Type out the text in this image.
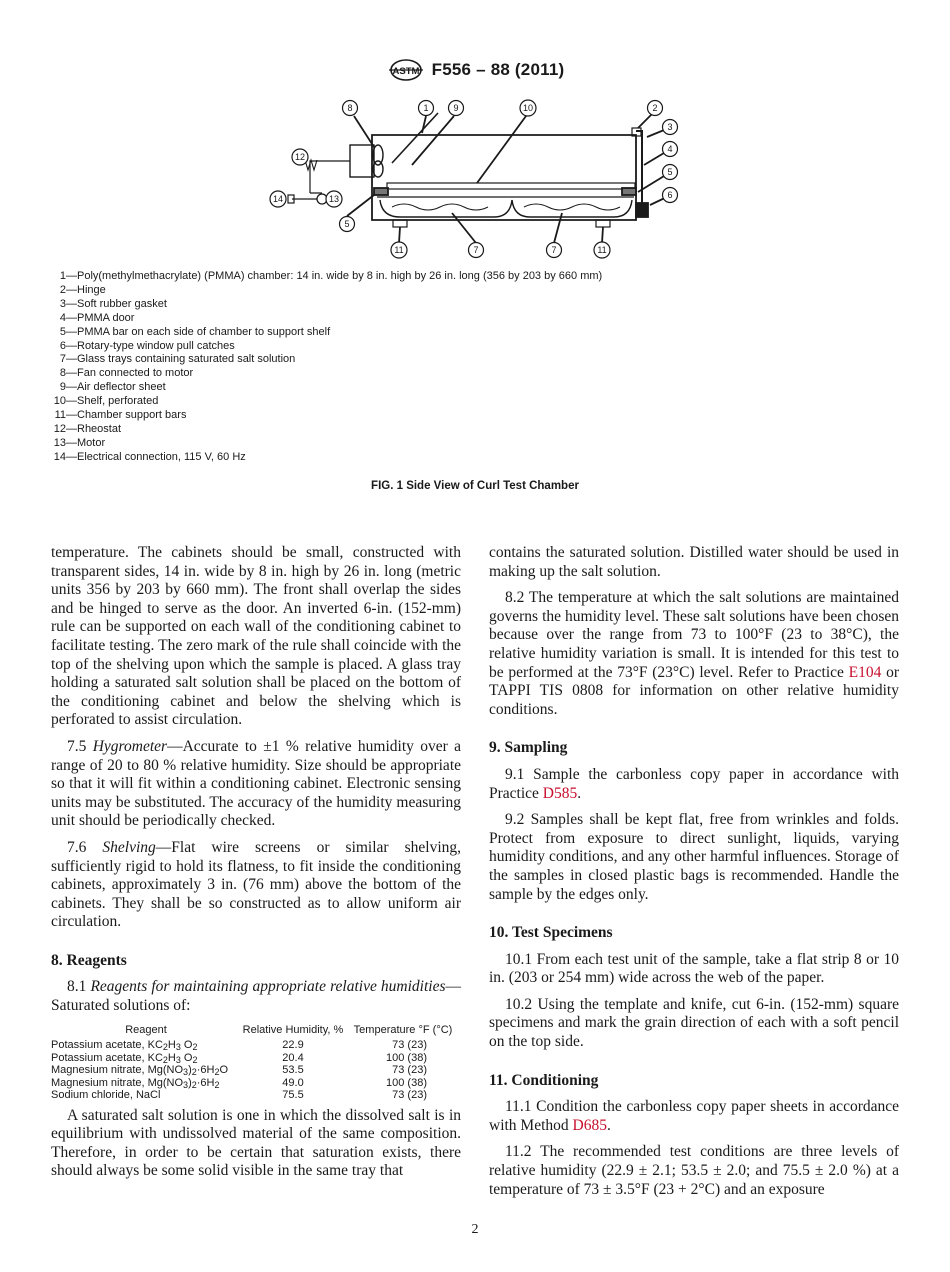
ASTM F556 – 88 (2011)
8	1	9	10	2
3
4
5
6
12
14	13
5
11	7	7	11
1 —Poly(methylmethacrylate) (PMMA) chamber: 14 in. wide by 8 in. high by 26 in. long (356 by 203 by 660 mm)
2 —Hinge
3 —Soft rubber gasket
4 —PMMA door
5 —PMMA bar on each side of chamber to support shelf
6 —Rotary-type window pull catches
7 —Glass trays containing saturated salt solution
8 —Fan connected to motor
9 —Air deflector sheet
10 —Shelf, perforated
11 —Chamber support bars
12 —Rheostat
13 —Motor
14 —Electrical connection, 115 V, 60 Hz
FIG. 1 Side View of Curl Test Chamber

temperature. The cabinets should be small, constructed with transparent sides, 14 in. wide by 8 in. high by 26 in. long (metric units 356 by 203 by 660 mm). The front shall overlap the sides and be hinged to serve as the door. An inverted 6-in. (152-mm) rule can be supported on each wall of the conditioning cabinet to facilitate testing. The zero mark of the rule shall coincide with the top of the shelving upon which the sample is placed. A glass tray holding a saturated salt solution shall be placed on the bottom of the conditioning cabinet and below the shelving which is perforated to assist circulation.

7.5 Hygrometer—Accurate to ±1 % relative humidity over a range of 20 to 80 % relative humidity. Size should be appropriate so that it will fit within a conditioning cabinet. Electronic sensing units may be substituted. The accuracy of the humidity measuring unit should be periodically checked.

7.6 Shelving—Flat wire screens or similar shelving, sufficiently rigid to hold its flatness, to fit inside the conditioning cabinets, approximately 3 in. (76 mm) above the bottom of the cabinets. They shall be so constructed as to allow uniform air circulation.

8. Reagents

8.1 Reagents for maintaining appropriate relative humidities—Saturated solutions of:

Reagent	Relative Humidity, %	Temperature °F (°C)
Potassium acetate, $KC_2H_3$ $O_2$	22.9	73 (23)
Potassium acetate, $KC_2H_3$ $O_2$	20.4	100 (38)
Magnesium nitrate, $Mg(NO_3)_2\cdot 6H_2O$	53.5	73 (23)
Magnesium nitrate, $Mg(NO_3)_2\cdot 6H_2$	49.0	100 (38)
Sodium chloride, NaCl	75.5	73 (23)

A saturated salt solution is one in which the dissolved salt is in equilibrium with undissolved material of the same composition. Therefore, in order to be certain that saturation exists, there should always be some solid visible in the same tray that

contains the saturated solution. Distilled water should be used in making up the salt solution.

8.2 The temperature at which the salt solutions are maintained governs the humidity level. These salt solutions have been chosen because over the range from 73 to 100°F (23 to 38°C), the relative humidity variation is small. It is intended for this test to be performed at the 73°F (23°C) level. Refer to Practice E104 or TAPPI TIS 0808 for information on other relative humidity conditions.

9. Sampling

9.1 Sample the carbonless copy paper in accordance with Practice D585.

9.2 Samples shall be kept flat, free from wrinkles and folds. Protect from exposure to direct sunlight, liquids, varying humidity conditions, and any other harmful influences. Storage of the samples in closed plastic bags is recommended. Handle the sample by the edges only.

10. Test Specimens

10.1 From each test unit of the sample, take a flat strip 8 or 10 in. (203 or 254 mm) wide across the web of the paper.

10.2 Using the template and knife, cut 6-in. (152-mm) square specimens and mark the grain direction of each with a soft pencil on the top side.

11. Conditioning

11.1 Condition the carbonless copy paper sheets in accordance with Method D685.

11.2 The recommended test conditions are three levels of relative humidity (22.9 ± 2.1; 53.5 ± 2.0; and 75.5 ± 2.0 %) at a temperature of 73 ± 3.5°F (23 + 2°C) and an exposure

2
